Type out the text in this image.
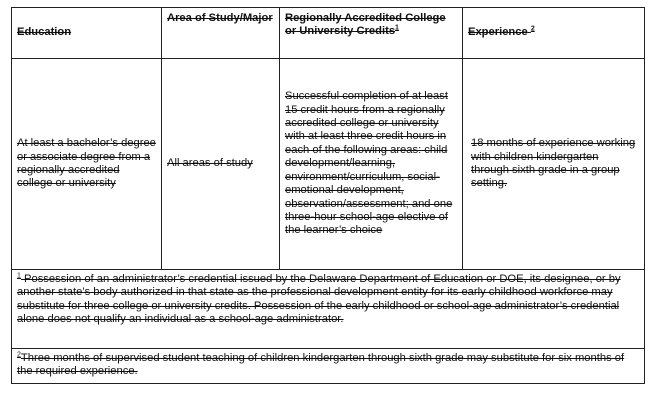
Education	Area of Study/Major	Regionally Accredited College or University Credits$^1$	Experience $^2$
At least a bachelor’s degree or associate degree from a regionally accredited college or university	All areas of study	Successful completion of at least 15 credit hours from a regionally accredited college or university with at least three credit hours in each of the following areas: child development/learning, environment/curriculum, social-emotional development, observation/assessment; and one three-hour school-age elective of the learner’s choice	18 months of experience working with children kindergarten through sixth grade in a group setting.
$^1$ Possession of an administrator’s credential issued by the Delaware Department of Education or DOE, its designee, or by another state’s body authorized in that state as the professional development entity for its early childhood workforce may substitute for three college or university credits. Possession of the early childhood or school-age administrator’s credential alone does not qualify an individual as a school-age administrator.			
$^2$Three months of supervised student teaching of children kindergarten through sixth grade may substitute for six months of the required experience.			
